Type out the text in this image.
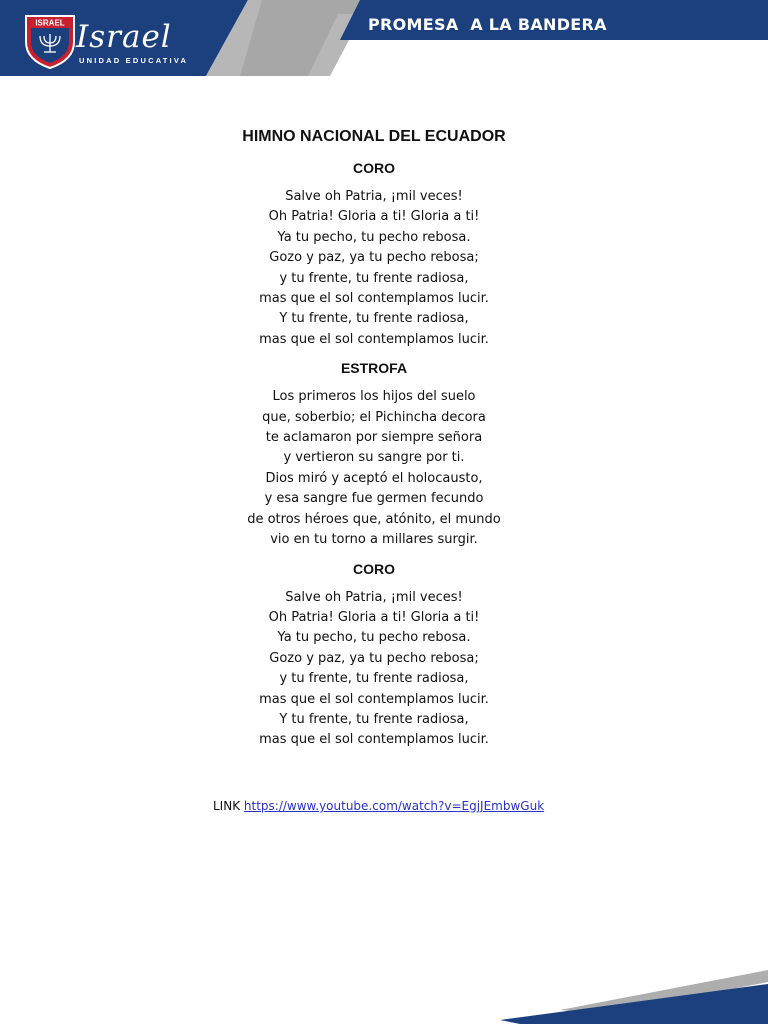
ISRAEL Israel
UNIDAD EDUCATIVA
PROMESA  A LA BANDERA
HIMNO NACIONAL DEL ECUADOR
CORO
Salve oh Patria, ¡mil veces!
Oh Patria! Gloria a ti! Gloria a ti!
Ya tu pecho, tu pecho rebosa.
Gozo y paz, ya tu pecho rebosa;
y tu frente, tu frente radiosa,
mas que el sol contemplamos lucir.
Y tu frente, tu frente radiosa,
mas que el sol contemplamos lucir.
ESTROFA
Los primeros los hijos del suelo
que, soberbio; el Pichincha decora
te aclamaron por siempre señora
y vertieron su sangre por ti.
Dios miró y aceptó el holocausto,
y esa sangre fue germen fecundo
de otros héroes que, atónito, el mundo
vio en tu torno a millares surgir.
CORO
Salve oh Patria, ¡mil veces!
Oh Patria! Gloria a ti! Gloria a ti!
Ya tu pecho, tu pecho rebosa.
Gozo y paz, ya tu pecho rebosa;
y tu frente, tu frente radiosa,
mas que el sol contemplamos lucir.
Y tu frente, tu frente radiosa,
mas que el sol contemplamos lucir.
LINK https://www.youtube.com/watch?v=EgjJEmbwGuk
